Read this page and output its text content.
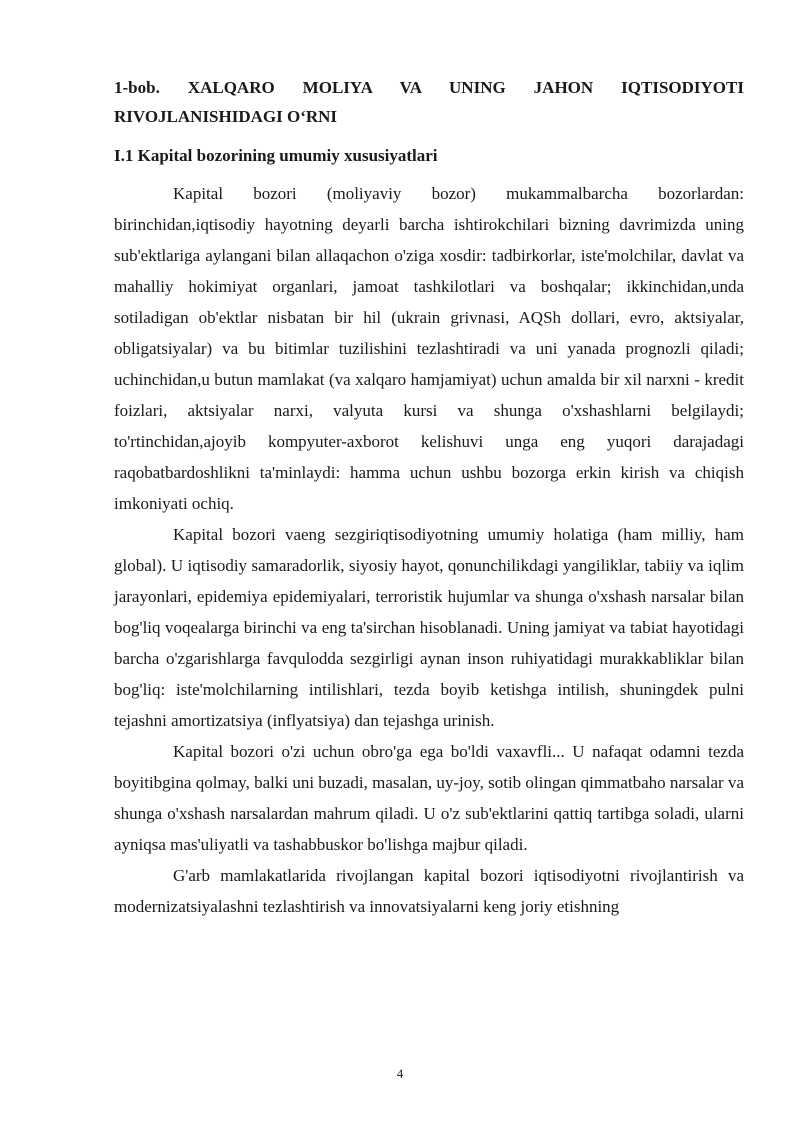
1-bob. XALQARO MOLIYA VA UNING JAHON IQTISODIYOTI
RIVOJLANISHIDAGI O‘RNI
I.1 Kapital bozorining umumiy xususiyatlari

Kapital bozori (moliyaviy bozor) mukammalbarcha bozorlardan: birinchidan,iqtisodiy hayotning deyarli barcha ishtirokchilari bizning davrimizda uning sub'ektlariga aylangani bilan allaqachon o'ziga xosdir: tadbirkorlar, iste'molchilar, davlat va mahalliy hokimiyat organlari, jamoat tashkilotlari va boshqalar; ikkinchidan,unda sotiladigan ob'ektlar nisbatan bir hil (ukrain grivnasi, AQSh dollari, evro, aktsiyalar, obligatsiyalar) va bu bitimlar tuzilishini tezlashtiradi va uni yanada prognozli qiladi; uchinchidan,u butun mamlakat (va xalqaro hamjamiyat) uchun amalda bir xil narxni - kredit foizlari, aktsiyalar narxi, valyuta kursi va shunga o'xshashlarni belgilaydi; to'rtinchidan,ajoyib kompyuter-axborot kelishuvi unga eng yuqori darajadagi raqobatbardoshlikni ta'minlaydi: hamma uchun ushbu bozorga erkin kirish va chiqish imkoniyati ochiq.

Kapital bozori vaeng sezgiriqtisodiyotning umumiy holatiga (ham milliy, ham global). U iqtisodiy samaradorlik, siyosiy hayot, qonunchilikdagi yangiliklar, tabiiy va iqlim jarayonlari, epidemiya epidemiyalari, terroristik hujumlar va shunga o'xshash narsalar bilan bog'liq voqealarga birinchi va eng ta'sirchan hisoblanadi. Uning jamiyat va tabiat hayotidagi barcha o'zgarishlarga favqulodda sezgirligi aynan inson ruhiyatidagi murakkabliklar bilan bog'liq: iste'molchilarning intilishlari, tezda boyib ketishga intilish, shuningdek pulni tejashni amortizatsiya (inflyatsiya) dan tejashga urinish.

Kapital bozori o'zi uchun obro'ga ega bo'ldi vaxavfli... U nafaqat odamni tezda boyitibgina qolmay, balki uni buzadi, masalan, uy-joy, sotib olingan qimmatbaho narsalar va shunga o'xshash narsalardan mahrum qiladi. U o'z sub'ektlarini qattiq tartibga soladi, ularni ayniqsa mas'uliyatli va tashabbuskor bo'lishga majbur qiladi.

G'arb mamlakatlarida rivojlangan kapital bozori iqtisodiyotni rivojlantirish va modernizatsiyalashni tezlashtirish va innovatsiyalarni keng joriy etishning

4
